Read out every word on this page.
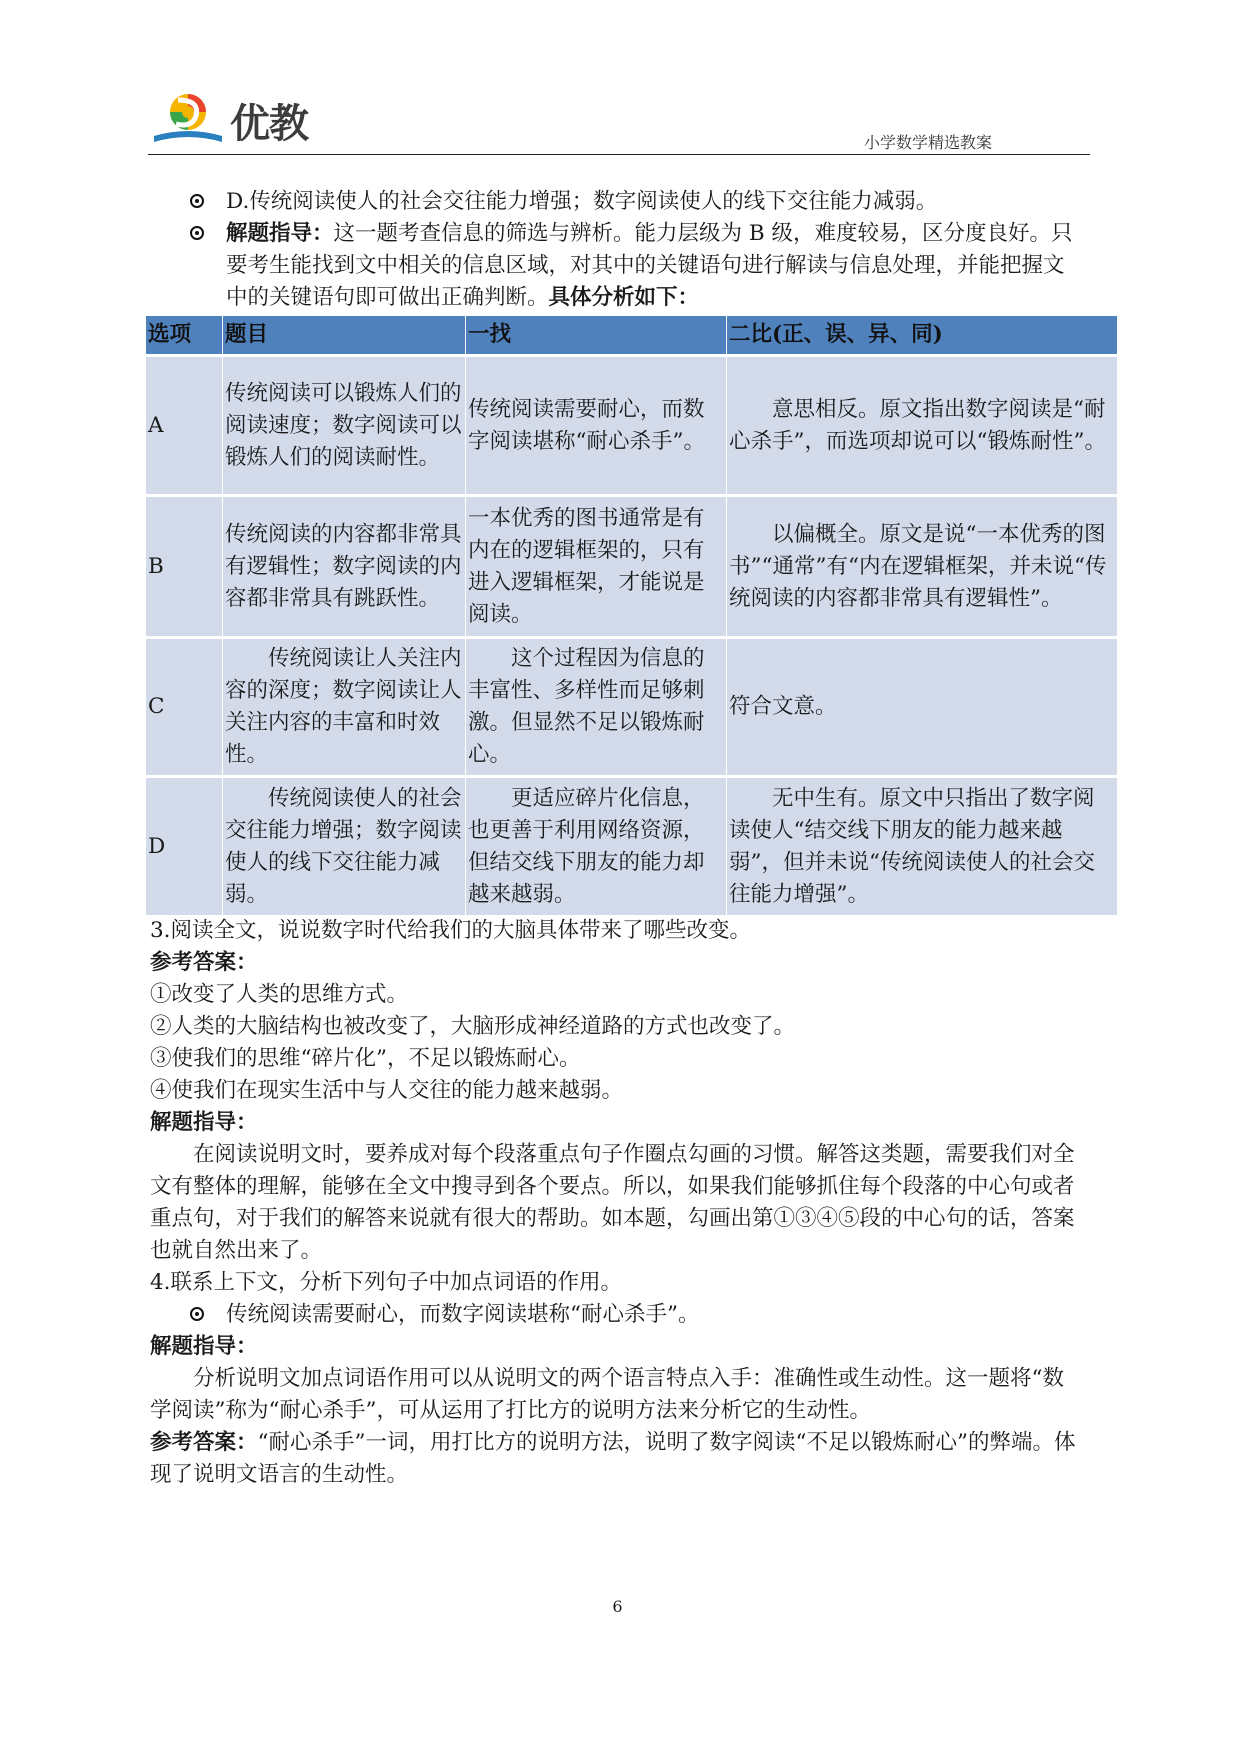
优教	小学数学精选教案
D.传统阅读使人的社会交往能力增强；数字阅读使人的线下交往能力减弱。
解题指导：这一题考查信息的筛选与辨析。能力层级为 B 级，难度较易，区分度良好。只要考生能找到文中相关的信息区域，对其中的关键语句进行解读与信息处理，并能把握文中的关键语句即可做出正确判断。具体分析如下：
选项	题目	一找	二比(正、误、异、同)
A	传统阅读可以锻炼人们的阅读速度；数字阅读可以锻炼人们的阅读耐性。	传统阅读需要耐心，而数字阅读堪称“耐心杀手”。	意思相反。原文指出数字阅读是“耐心杀手”，而选项却说可以“锻炼耐性”。
B	传统阅读的内容都非常具有逻辑性；数字阅读的内容都非常具有跳跃性。	一本优秀的图书通常是有内在的逻辑框架的，只有进入逻辑框架，才能说是阅读。	以偏概全。原文是说“一本优秀的图书”“通常”有“内在逻辑框架，并未说“传统阅读的内容都非常具有逻辑性”。
C	传统阅读让人关注内容的深度；数字阅读让人关注内容的丰富和时效性。	这个过程因为信息的丰富性、多样性而足够刺激。但显然不足以锻炼耐心。	符合文意。
D	传统阅读使人的社会交往能力增强；数字阅读使人的线下交往能力减弱。	更适应碎片化信息，也更善于利用网络资源，但结交线下朋友的能力却越来越弱。	无中生有。原文中只指出了数字阅读使人“结交线下朋友的能力越来越弱”，但并未说“传统阅读使人的社会交往能力增强”。

3.阅读全文，说说数字时代给我们的大脑具体带来了哪些改变。

参考答案：

①改变了人类的思维方式。

②人类的大脑结构也被改变了，大脑形成神经道路的方式也改变了。

③使我们的思维“碎片化”，不足以锻炼耐心。

④使我们在现实生活中与人交往的能力越来越弱。

解题指导：

在阅读说明文时，要养成对每个段落重点句子作圈点勾画的习惯。解答这类题，需要我们对全文有整体的理解，能够在全文中搜寻到各个要点。所以，如果我们能够抓住每个段落的中心句或者重点句，对于我们的解答来说就有很大的帮助。如本题，勾画出第①③④⑤段的中心句的话，答案也就自然出来了。

4.联系上下文，分析下列句子中加点词语的作用。

传统阅读需要耐心，而数字阅读堪称“耐心杀手”。

解题指导：

分析说明文加点词语作用可以从说明文的两个语言特点入手：准确性或生动性。这一题将“数学阅读”称为“耐心杀手”，可从运用了打比方的说明方法来分析它的生动性。

参考答案：“耐心杀手”一词，用打比方的说明方法，说明了数字阅读“不足以锻炼耐心”的弊端。体现了说明文语言的生动性。

6
